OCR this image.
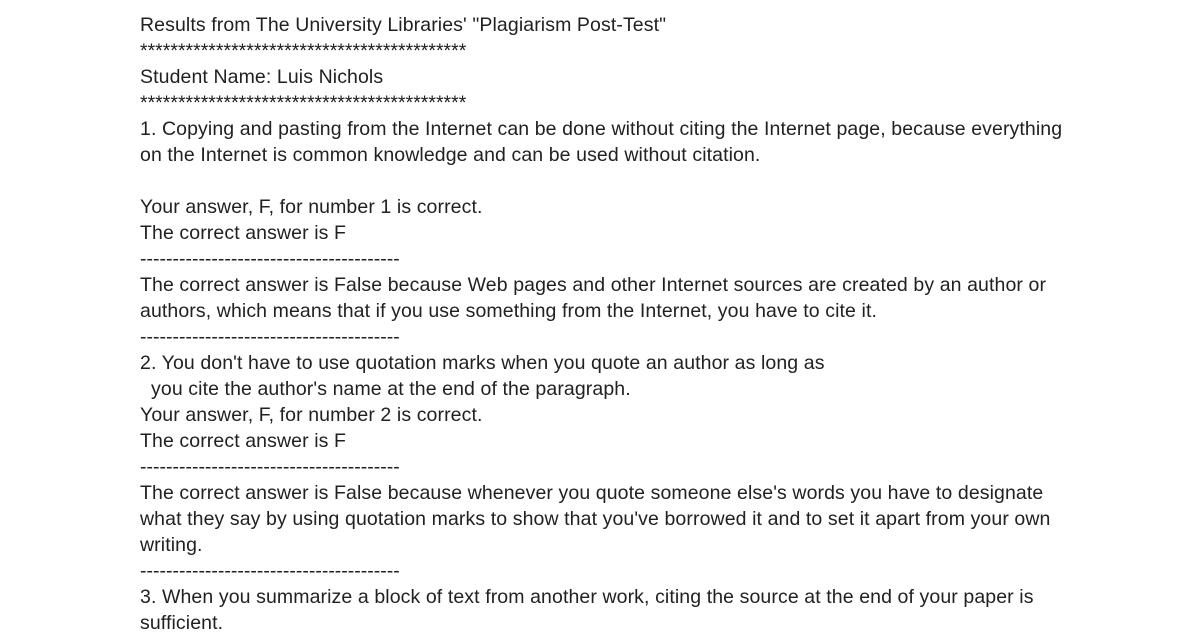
Results from The University Libraries' "Plagiarism Post-Test"
*******************************************
Student Name: Luis Nichols
*******************************************
1. Copying and pasting from the Internet can be done without citing the Internet page, because everything
on the Internet is common knowledge and can be used without citation.
Your answer, F, for number 1 is correct.
The correct answer is F
----------------------------------------
The correct answer is False because Web pages and other Internet sources are created by an author or
authors, which means that if you use something from the Internet, you have to cite it.
----------------------------------------
2. You don't have to use quotation marks when you quote an author as long as
you cite the author's name at the end of the paragraph.
Your answer, F, for number 2 is correct.
The correct answer is F
----------------------------------------
The correct answer is False because whenever you quote someone else's words you have to designate
what they say by using quotation marks to show that you've borrowed it and to set it apart from your own
writing.
----------------------------------------
3. When you summarize a block of text from another work, citing the source at the end of your paper is
sufficient.
